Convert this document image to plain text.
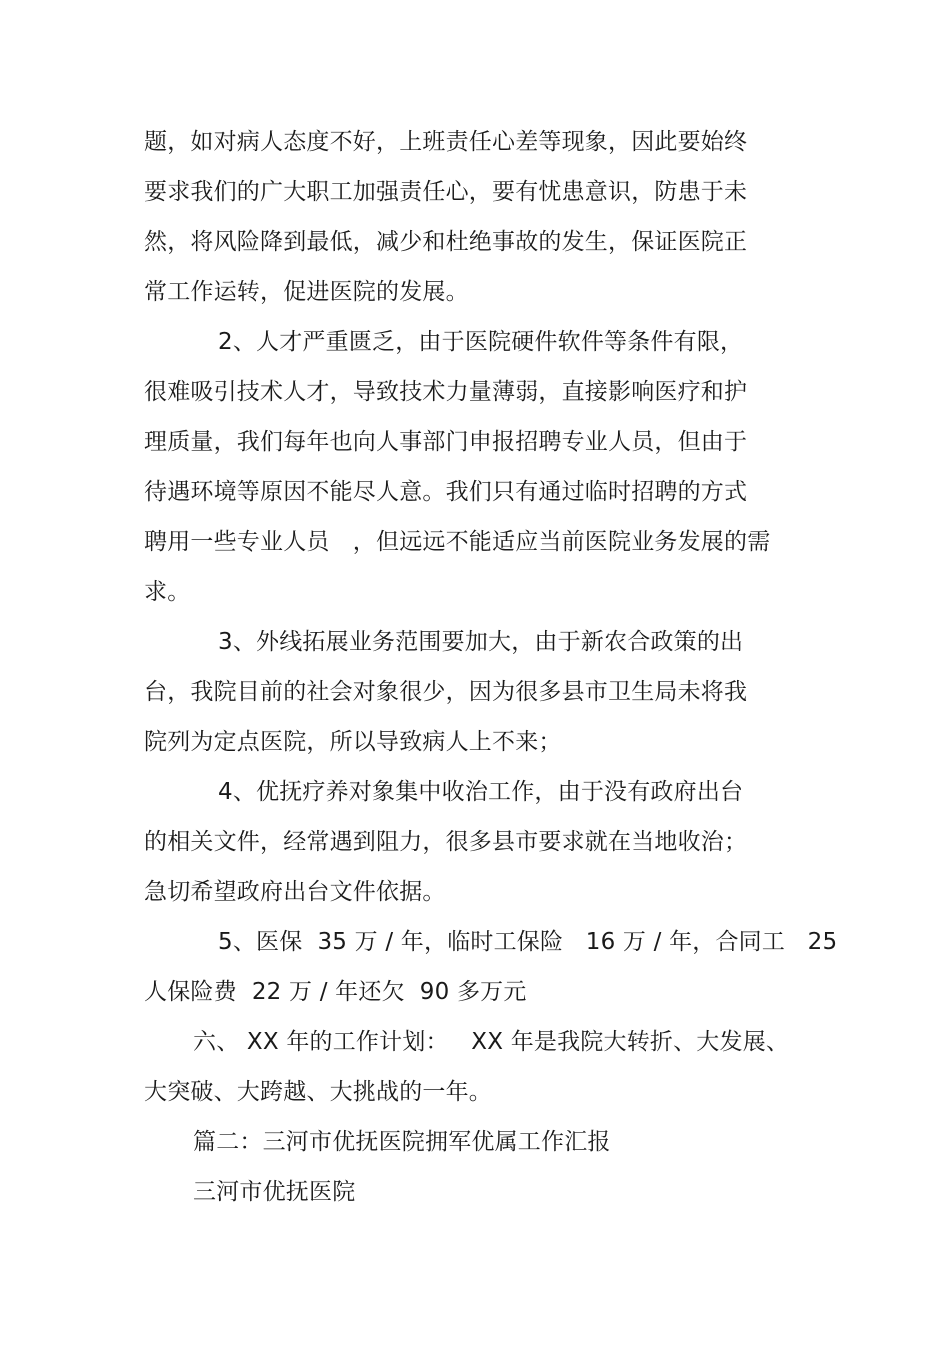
题，如对病人态度不好，上班责任心差等现象，因此要始终
要求我们的广大职工加强责任心，要有忧患意识，防患于未
然，将风险降到最低，减少和杜绝事故的发生，保证医院正
常工作运转，促进医院的发展。
2、人才严重匮乏，由于医院硬件软件等条件有限，
很难吸引技术人才，导致技术力量薄弱，直接影响医疗和护
理质量，我们每年也向人事部门申报招聘专业人员，但由于
待遇环境等原因不能尽人意。我们只有通过临时招聘的方式
聘用一些专业人员　，但远远不能适应当前医院业务发展的需
求。
3、外线拓展业务范围要加大，由于新农合政策的出
台，我院目前的社会对象很少，因为很多县市卫生局未将我
院列为定点医院，所以导致病人上不来；
4、优抚疗养对象集中收治工作，由于没有政府出台
的相关文件，经常遇到阻力，很多县市要求就在当地收治；
急切希望政府出台文件依据。
5、医保  35 万 / 年，临时工保险   16 万 / 年，合同工   25
人保险费  22 万 / 年还欠  90 多万元
六、 XX 年的工作计划：   XX 年是我院大转折、大发展、
大突破、大跨越、大挑战的一年。
篇二：三河市优抚医院拥军优属工作汇报
三河市优抚医院
